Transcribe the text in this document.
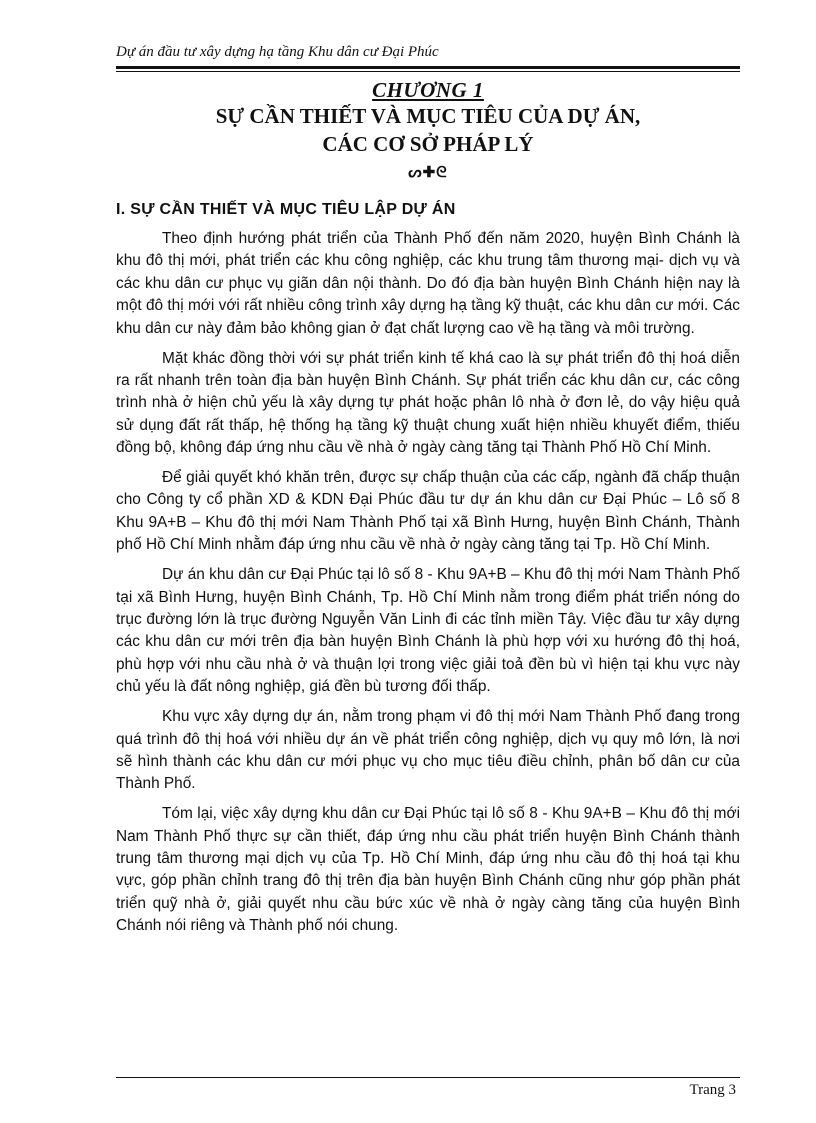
Dự án đầu tư xây dựng hạ tầng Khu dân cư Đại Phúc
CHƯƠNG 1
SỰ CẦN THIẾT VÀ MỤC TIÊU CỦA DỰ ÁN,
CÁC CƠ SỞ PHÁP LÝ
ᔕ✚ᘓ
I. SỰ CẦN THIẾT VÀ MỤC TIÊU LẬP DỰ ÁN

Theo định hướng phát triển của Thành Phố đến năm 2020, huyện Bình Chánh là khu đô thị mới, phát triển các khu công nghiệp, các khu trung tâm thương mại- dịch vụ và các khu dân cư phục vụ giãn dân nội thành. Do đó địa bàn huyện Bình Chánh hiện nay là một đô thị mới với rất nhiều công trình xây dựng hạ tầng kỹ thuật, các khu dân cư mới. Các khu dân cư này đảm bảo không gian ở đạt chất lượng cao về hạ tầng và môi trường.

Mặt khác đồng thời với sự phát triển kinh tế khá cao là sự phát triển đô thị hoá diễn ra rất nhanh trên toàn địa bàn huyện Bình Chánh. Sự phát triển các khu dân cư, các công trình nhà ở hiện chủ yếu là xây dựng tự phát hoặc phân lô nhà ở đơn lẻ, do vậy hiệu quả sử dụng đất rất thấp, hệ thống hạ tầng kỹ thuật chung xuất hiện nhiều khuyết điểm, thiếu đồng bộ, không đáp ứng nhu cầu về nhà ở ngày càng tăng tại Thành Phố Hồ Chí Minh.

Để giải quyết khó khăn trên, được sự chấp thuận của các cấp, ngành đã chấp thuận cho Công ty cổ phần XD & KDN Đại Phúc đầu tư dự án khu dân cư Đại Phúc – Lô số 8 Khu 9A+B – Khu đô thị mới Nam Thành Phố tại xã Bình Hưng, huyện Bình Chánh, Thành phố Hồ Chí Minh nhằm đáp ứng nhu cầu về nhà ở ngày càng tăng tại Tp. Hồ Chí Minh.

Dự án khu dân cư Đại Phúc tại lô số 8 - Khu 9A+B – Khu đô thị mới Nam Thành Phố tại xã Bình Hưng, huyện Bình Chánh, Tp. Hồ Chí Minh nằm trong điểm phát triển nóng do trục đường lớn là trục đường Nguyễn Văn Linh đi các tỉnh miền Tây. Việc đầu tư xây dựng các khu dân cư mới trên địa bàn huyện Bình Chánh là phù hợp với xu hướng đô thị hoá, phù hợp với nhu cầu nhà ở và thuận lợi trong việc giải toả đền bù vì hiện tại khu vực này chủ yếu là đất nông nghiệp, giá đền bù tương đối thấp.

Khu vực xây dựng dự án, nằm trong phạm vi đô thị mới Nam Thành Phố đang trong quá trình đô thị hoá với nhiều dự án về phát triển công nghiệp, dịch vụ quy mô lớn, là nơi sẽ hình thành các khu dân cư mới phục vụ cho mục tiêu điều chỉnh, phân bố dân cư của Thành Phố.

Tóm lại, việc xây dựng khu dân cư Đại Phúc tại lô số 8 - Khu 9A+B – Khu đô thị mới Nam Thành Phố thực sự cần thiết, đáp ứng nhu cầu phát triển huyện Bình Chánh thành trung tâm thương mại dịch vụ của Tp. Hồ Chí Minh, đáp ứng nhu cầu đô thị hoá tại khu vực, góp phần chỉnh trang đô thị trên địa bàn huyện Bình Chánh cũng như góp phần phát triển quỹ nhà ở, giải quyết nhu cầu bức xúc về nhà ở ngày càng tăng của huyện Bình Chánh nói riêng và Thành phố nói chung.

Trang 3
